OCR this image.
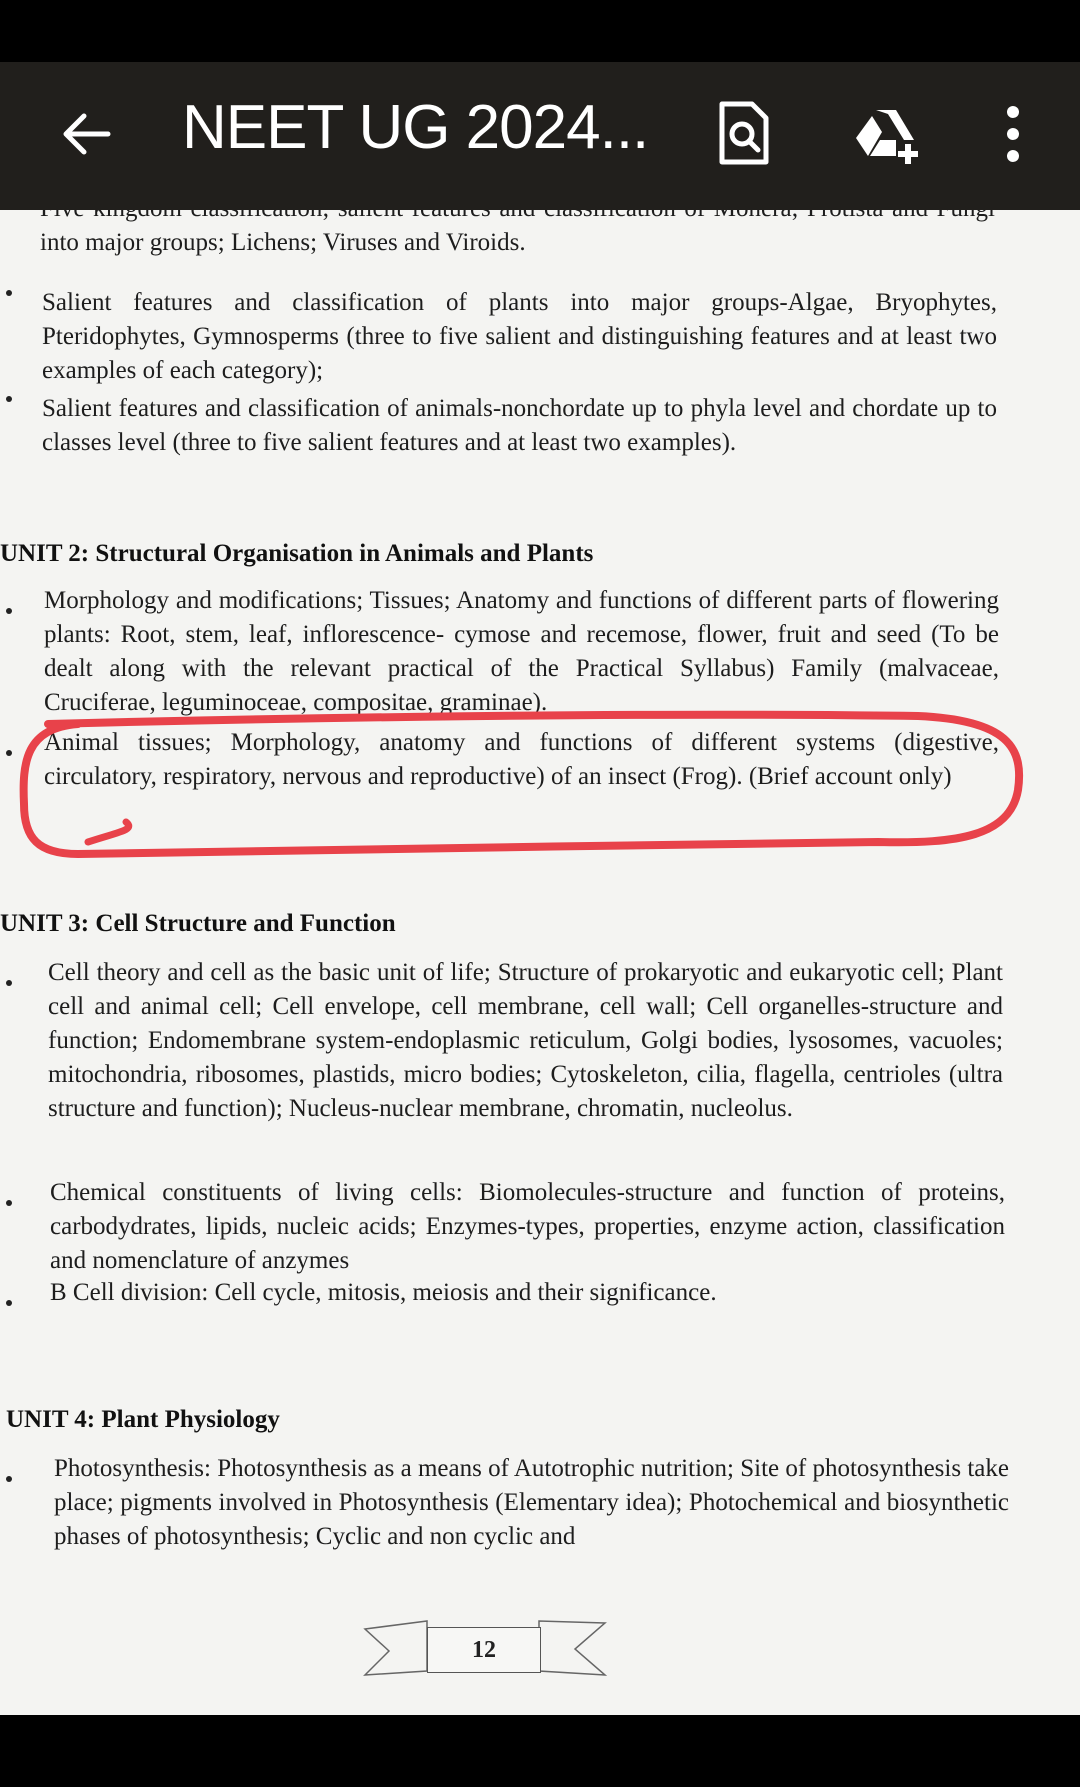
NEET UG 2024...
into major groups; Lichens; Viruses and Viroids.
Salient features and classification of plants into major groups-Algae, Bryophytes, Pteridophytes, Gymnosperms (three to five salient and distinguishing features and at least two examples of each category);
Salient features and classification of animals-nonchordate up to phyla level and chordate up to classes level (three to five salient features and at least two examples).
UNIT 2: Structural Organisation in Animals and Plants
Morphology and modifications; Tissues; Anatomy and functions of different parts of flowering plants: Root, stem, leaf, inflorescence- cymose and recemose, flower, fruit and seed (To be dealt along with the relevant practical of the Practical Syllabus) Family (malvaceae, Cruciferae, leguminoceae, compositae, graminae).
Animal tissues; Morphology, anatomy and functions of different systems (digestive, circulatory, respiratory, nervous and reproductive) of an insect (Frog). (Brief account only)
UNIT 3: Cell Structure and Function
Cell theory and cell as the basic unit of life; Structure of prokaryotic and eukaryotic cell; Plant cell and animal cell; Cell envelope, cell membrane, cell wall; Cell organelles-structure and function; Endomembrane system-endoplasmic reticulum, Golgi bodies, lysosomes, vacuoles; mitochondria, ribosomes, plastids, micro bodies; Cytoskeleton, cilia, flagella, centrioles (ultra structure and function); Nucleus-nuclear membrane, chromatin, nucleolus.
Chemical constituents of living cells: Biomolecules-structure and function of proteins, carbodydrates, lipids, nucleic acids; Enzymes-types, properties, enzyme action, classification and nomenclature of anzymes
B Cell division: Cell cycle, mitosis, meiosis and their significance.
UNIT 4: Plant Physiology
Photosynthesis: Photosynthesis as a means of Autotrophic nutrition; Site of photosynthesis take place; pigments involved in Photosynthesis (Elementary idea); Photochemical and biosynthetic phases of photosynthesis; Cyclic and non cyclic and
12
